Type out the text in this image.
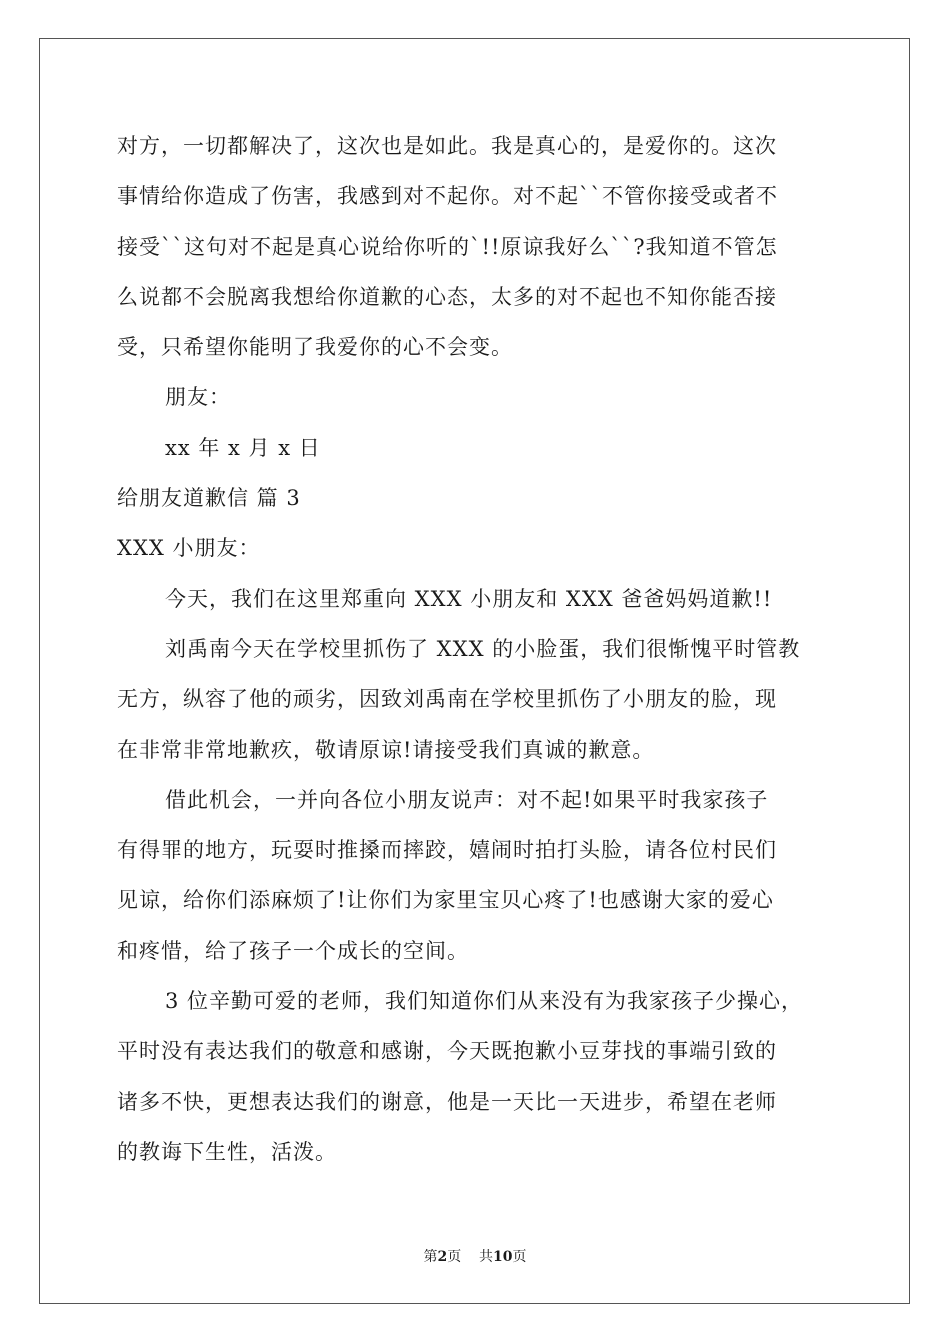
对方，一切都解决了，这次也是如此。我是真心的，是爱你的。这次
事情给你造成了伤害，我感到对不起你。对不起``不管你接受或者不
接受``这句对不起是真心说给你听的`!!原谅我好么``?我知道不管怎
么说都不会脱离我想给你道歉的心态，太多的对不起也不知你能否接
受，只希望你能明了我爱你的心不会变。
朋友：
xx 年 x 月 x 日
给朋友道歉信 篇 3
XXX 小朋友：
今天，我们在这里郑重向 XXX 小朋友和 XXX 爸爸妈妈道歉!!
刘禹南今天在学校里抓伤了 XXX 的小脸蛋，我们很惭愧平时管教
无方，纵容了他的顽劣，因致刘禹南在学校里抓伤了小朋友的脸，现
在非常非常地歉疚，敬请原谅!请接受我们真诚的歉意。
借此机会，一并向各位小朋友说声：对不起!如果平时我家孩子
有得罪的地方，玩耍时推搡而摔跤，嬉闹时拍打头脸，请各位村民们
见谅，给你们添麻烦了!让你们为家里宝贝心疼了!也感谢大家的爱心
和疼惜，给了孩子一个成长的空间。
3 位辛勤可爱的老师，我们知道你们从来没有为我家孩子少操心，
平时没有表达我们的敬意和感谢，今天既抱歉小豆芽找的事端引致的
诸多不快，更想表达我们的谢意，他是一天比一天进步，希望在老师
的教诲下生性，活泼。
第2页    共10页
